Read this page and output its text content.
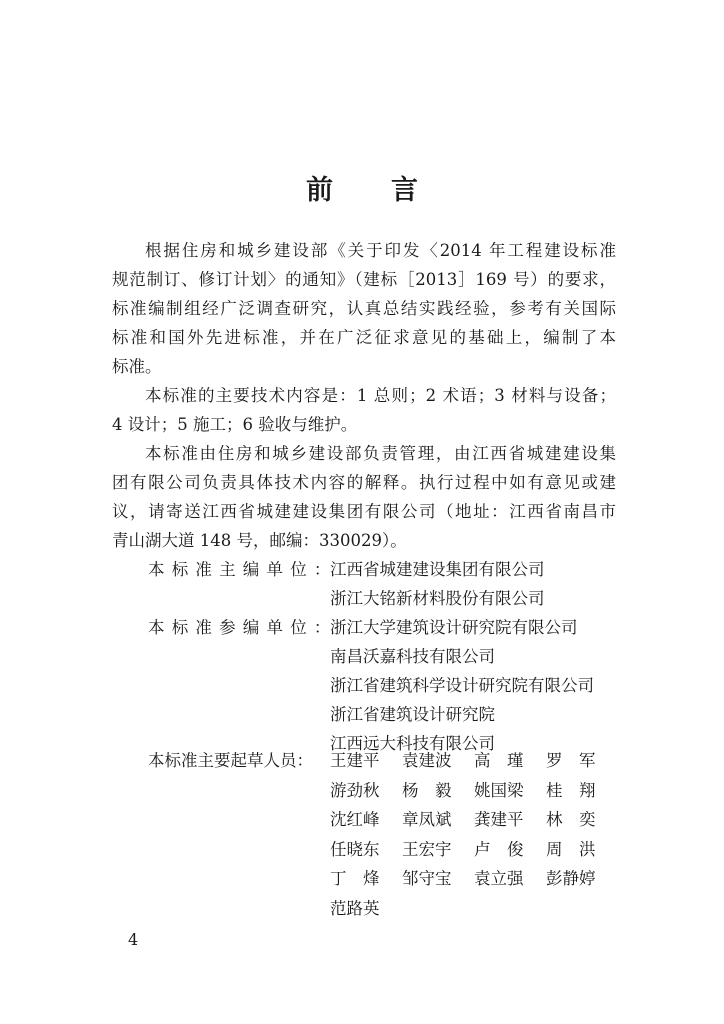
前言

根据住房和城乡建设部《关于印发〈2014 年工程建设标准
规范制订、修订计划〉的通知》（建标［2013］169 号）的要求，
标准编制组经广泛调查研究，认真总结实践经验，参考有关国际
标准和国外先进标准，并在广泛征求意见的基础上，编制了本
标准。

本标准的主要技术内容是：1 总则；2 术语；3 材料与设备；
4 设计；5 施工；6 验收与维护。

本标准由住房和城乡建设部负责管理，由江西省城建建设集
团有限公司负责具体技术内容的解释。执行过程中如有意见或建
议，请寄送江西省城建建设集团有限公司（地址：江西省南昌市
青山湖大道 148 号，邮编：330029）。

本标准主编单位：
江西省城建建设集团有限公司
浙江大铭新材料股份有限公司
本标准参编单位：
浙江大学建筑设计研究院有限公司
南昌沃嘉科技有限公司
浙江省建筑科学设计研究院有限公司
浙江省建筑设计研究院
江西远大科技有限公司
本标准主要起草人员： 王建平	袁建波	高　瑾	罗　军
游劲秋	杨　毅	姚国梁	桂　翔
沈红峰	章凤斌	龚建平	林　奕
任晓东	王宏宇	卢　俊	周　洪
丁　烽	邹守宝	袁立强	彭静婷
范路英
4
